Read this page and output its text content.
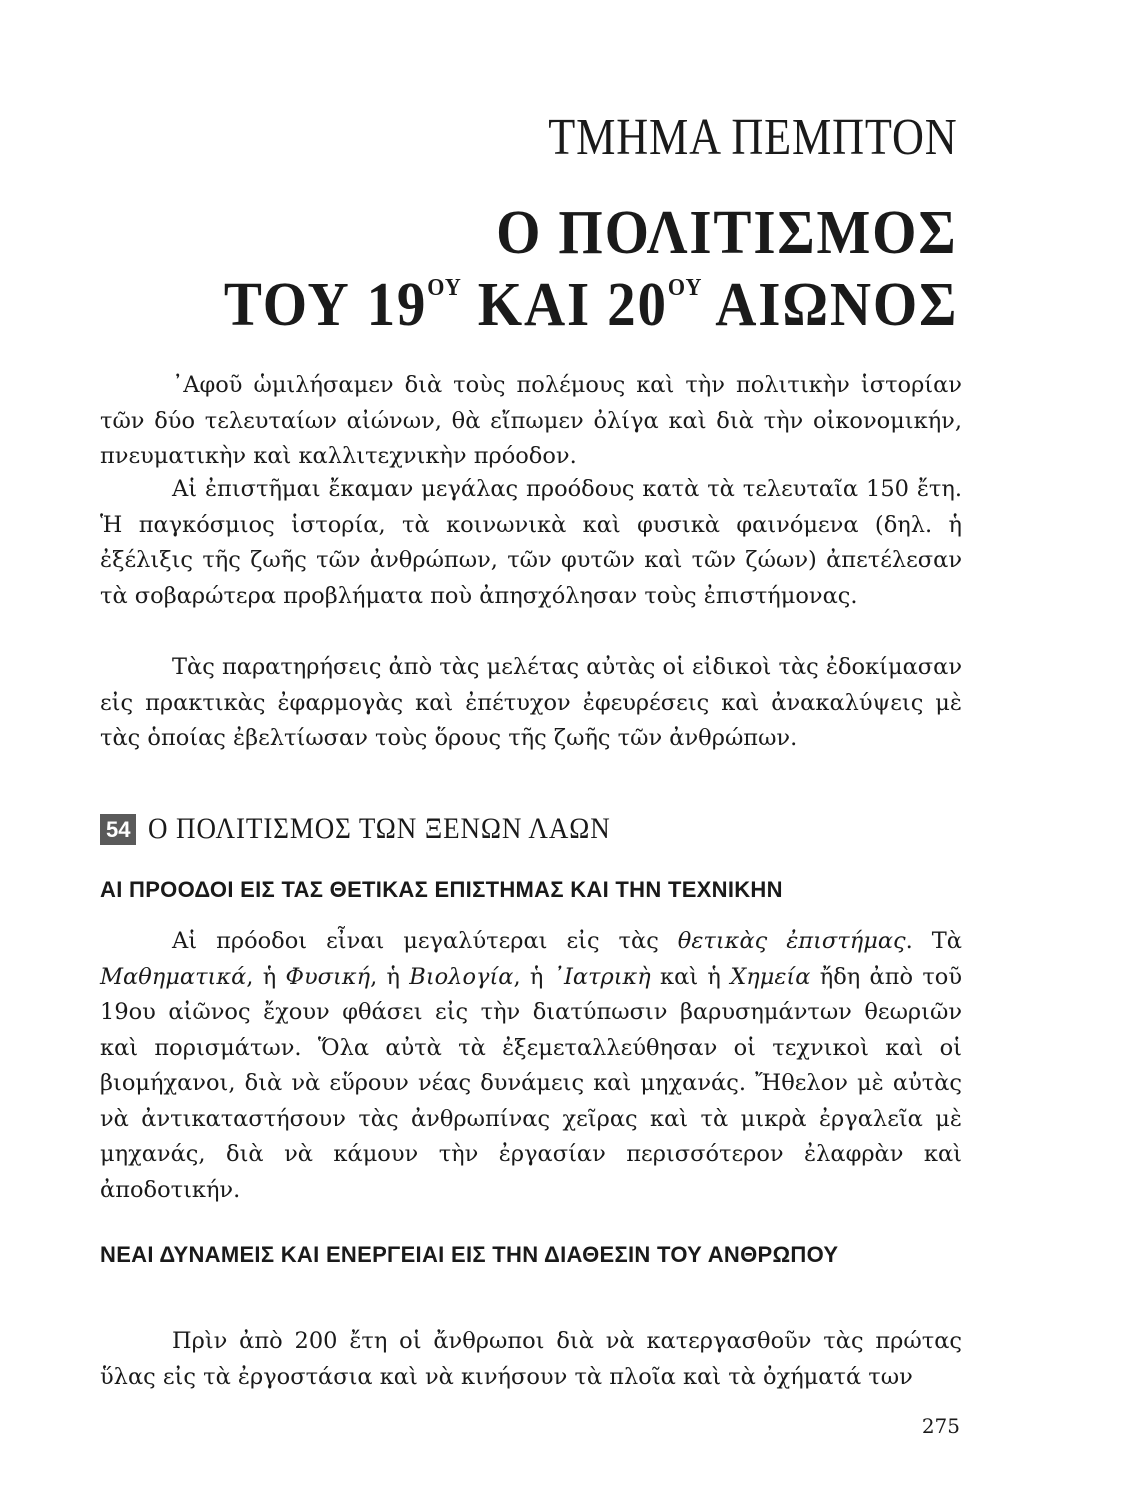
ΤΜΗΜΑ ΠΕΜΠΤΟΝ
Ο ΠΟΛΙΤΙΣΜΟΣ
ΤΟΥ $19^{O\Upsilon}$ ΚΑΙ $20^{O\Upsilon}$ ΑΙΩΝΟΣ

᾿Αφοῦ ὡμιλήσαμεν διὰ τοὺς πολέμους καὶ τὴν πολιτικὴν ἱστορίαν τῶν δύο τελευταίων αἰώνων, θὰ εἴπωμεν ὀλίγα καὶ διὰ τὴν οἰκονομικήν, πνευματικὴν καὶ καλλιτεχνικὴν πρόοδον.

Αἱ ἐπιστῆμαι ἔκαμαν μεγάλας προόδους κατὰ τὰ τελευταῖα 150 ἔτη. Ἡ παγκόσμιος ἱστορία, τὰ κοινωνικὰ καὶ φυσικὰ φαινόμενα (δηλ. ἡ ἐξέλιξις τῆς ζωῆς τῶν ἀνθρώπων, τῶν φυτῶν καὶ τῶν ζώων) ἀπετέλεσαν τὰ σοβαρώτερα προβλήματα ποὺ ἀπησχόλησαν τοὺς ἐπιστήμονας.

Τὰς παρατηρήσεις ἀπὸ τὰς μελέτας αὐτὰς οἱ εἰδικοὶ τὰς ἐδοκίμασαν εἰς πρακτικὰς ἐφαρμογὰς καὶ ἐπέτυχον ἐφευρέσεις καὶ ἀνακαλύψεις μὲ τὰς ὁποίας ἐβελτίωσαν τοὺς ὅρους τῆς ζωῆς τῶν ἀνθρώπων.

54 Ο ΠΟΛΙΤΙΣΜΟΣ ΤΩΝ ΞΕΝΩΝ ΛΑΩΝ
ΑΙ ΠΡΟΟΔΟΙ ΕΙΣ ΤΑΣ ΘΕΤΙΚΑΣ ΕΠΙΣΤΗΜΑΣ ΚΑΙ ΤΗΝ ΤΕΧΝΙΚΗΝ

Αἱ πρόοδοι εἶναι μεγαλύτεραι εἰς τὰς θετικὰς ἐπιστήμας. Τὰ Μαθηματικά, ἡ Φυσική, ἡ Βιολογία, ἡ ᾿Ιατρικὴ καὶ ἡ Χημεία ἤδη ἀπὸ τοῦ 19ου αἰῶνος ἔχουν φθάσει εἰς τὴν διατύπωσιν βαρυσημάντων θεωριῶν καὶ πορισμάτων. Ὅλα αὐτὰ τὰ ἐξεμεταλλεύθησαν οἱ τεχνικοὶ καὶ οἱ βιομήχανοι, διὰ νὰ εὕρουν νέας δυνάμεις καὶ μηχανάς. Ἤθελον μὲ αὐτὰς νὰ ἀντικαταστήσουν τὰς ἀνθρωπίνας χεῖρας καὶ τὰ μικρὰ ἐργαλεῖα μὲ μηχανάς, διὰ νὰ κάμουν τὴν ἐργασίαν περισσότερον ἐλαφρὰν καὶ ἀποδοτικήν.

ΝΕΑΙ ΔΥΝΑΜΕΙΣ ΚΑΙ ΕΝΕΡΓΕΙΑΙ ΕΙΣ ΤΗΝ ΔΙΑΘΕΣΙΝ ΤΟΥ ΑΝΘΡΩΠΟΥ

Πρὶν ἀπὸ 200 ἔτη οἱ ἄνθρωποι διὰ νὰ κατεργασθοῦν τὰς πρώτας ὕλας εἰς τὰ ἐργοστάσια καὶ νὰ κινήσουν τὰ πλοῖα καὶ τὰ ὀχήματά των

275
